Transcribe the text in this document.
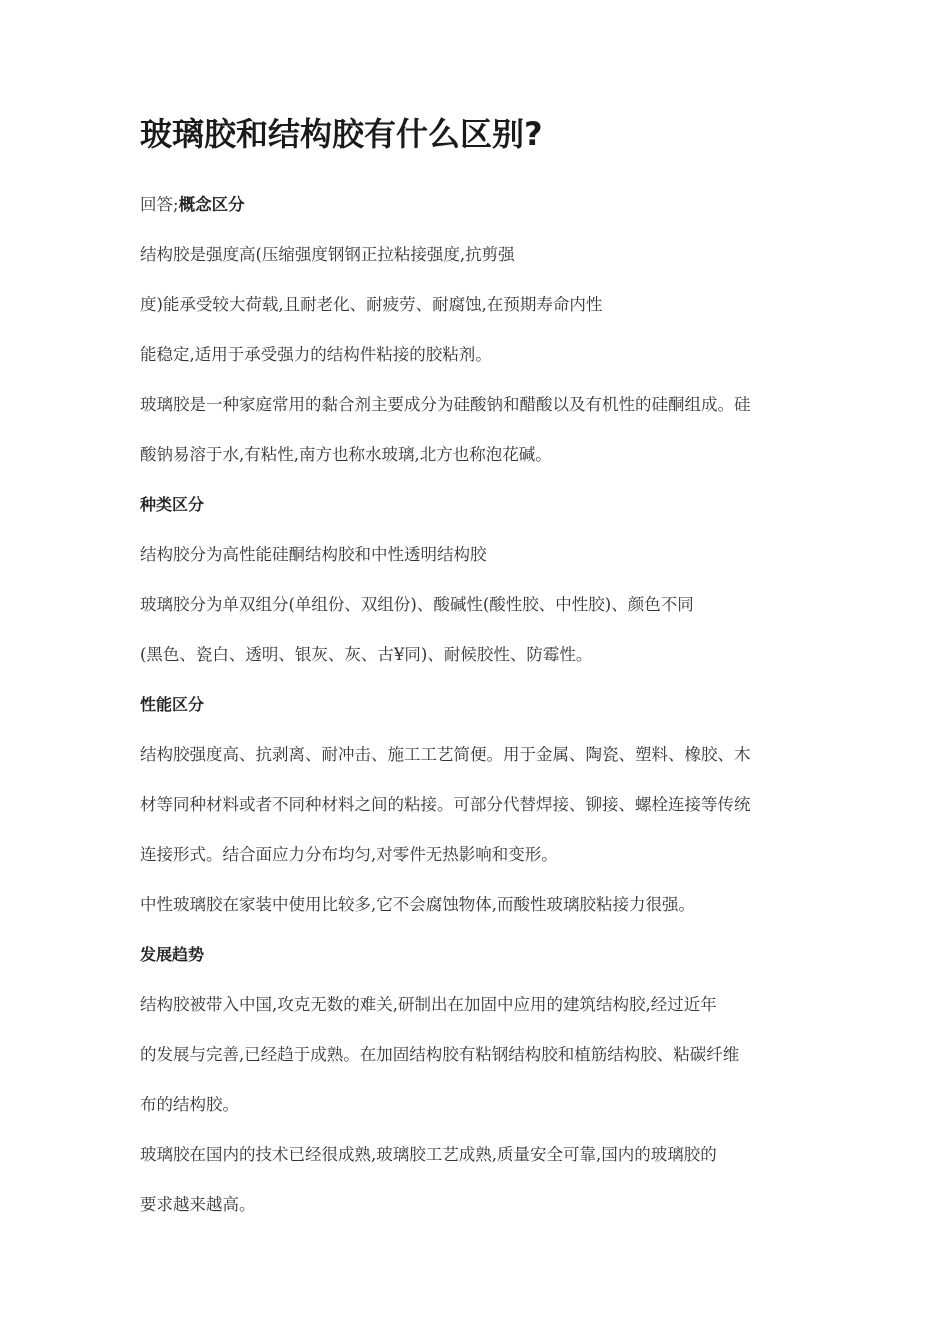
玻璃胶和结构胶有什么区别?

回答;概念区分

结构胶是强度高(压缩强度钢钢正拉粘接强度,抗剪强

度)能承受较大荷载,且耐老化、耐疲劳、耐腐蚀,在预期寿命内性

能稳定,适用于承受强力的结构件粘接的胶粘剂。

玻璃胶是一种家庭常用的黏合剂主要成分为硅酸钠和醋酸以及有机性的硅酮组成。硅

酸钠易溶于水,有粘性,南方也称水玻璃,北方也称泡花碱。

种类区分

结构胶分为高性能硅酮结构胶和中性透明结构胶

玻璃胶分为单双组分(单组份、双组份)、酸碱性(酸性胶、中性胶)、颜色不同

(黑色、瓷白、透明、银灰、灰、古¥同)、耐候胶性、防霉性。

性能区分

结构胶强度高、抗剥离、耐冲击、施工工艺简便。用于金属、陶瓷、塑料、橡胶、木

材等同种材料或者不同种材料之间的粘接。可部分代替焊接、铆接、螺栓连接等传统

连接形式。结合面应力分布均匀,对零件无热影响和变形。

中性玻璃胶在家装中使用比较多,它不会腐蚀物体,而酸性玻璃胶粘接力很强。

发展趋势

结构胶被带入中国,攻克无数的难关,研制出在加固中应用的建筑结构胶,经过近年

的发展与完善,已经趋于成熟。在加固结构胶有粘钢结构胶和植筋结构胶、粘碳纤维

布的结构胶。

玻璃胶在国内的技术已经很成熟,玻璃胶工艺成熟,质量安全可靠,国内的玻璃胶的

要求越来越高。
